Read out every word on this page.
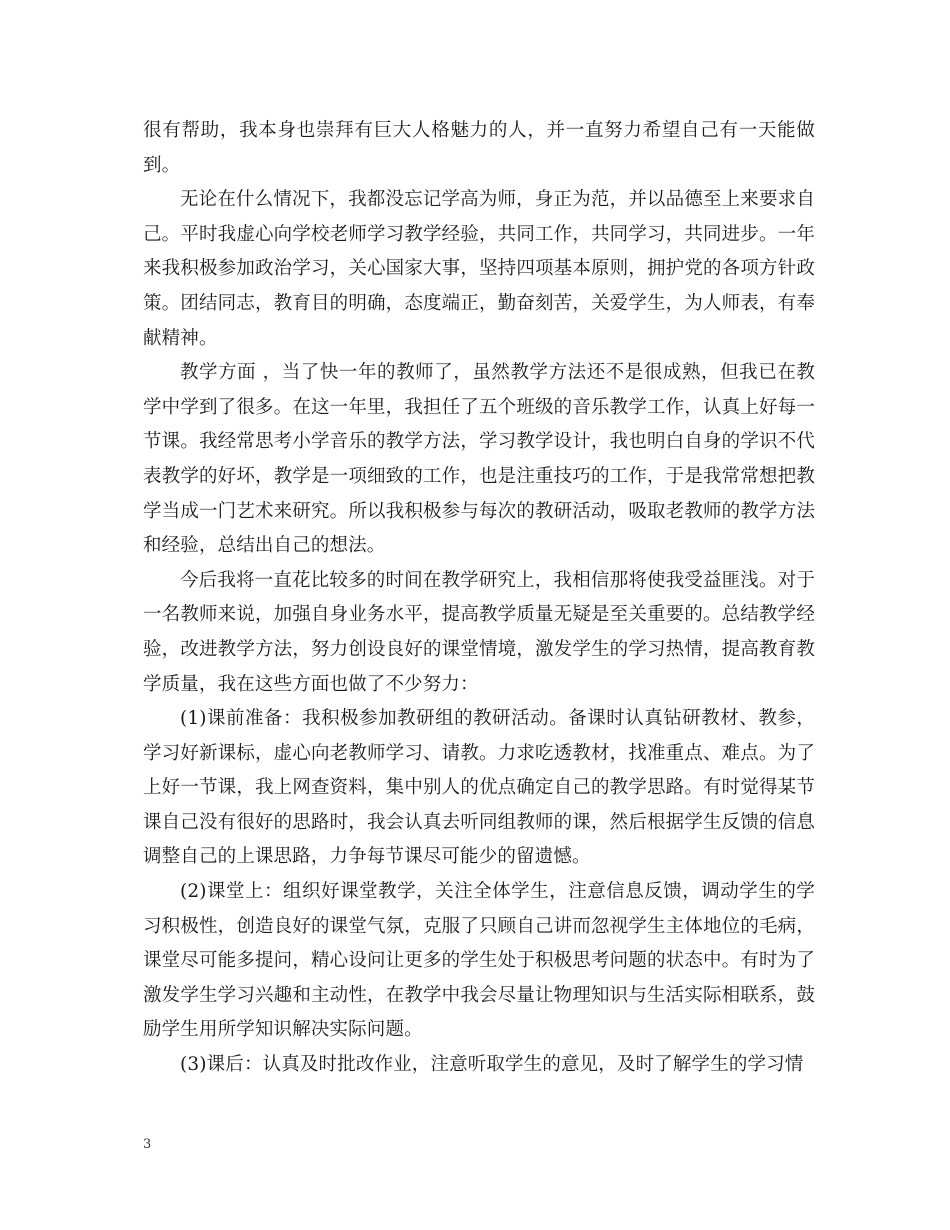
很有帮助，我本身也崇拜有巨大人格魅力的人，并一直努力希望自己有一天能做到。

无论在什么情况下，我都没忘记学高为师，身正为范，并以品德至上来要求自己。平时我虚心向学校老师学习教学经验，共同工作，共同学习，共同进步。一年来我积极参加政治学习，关心国家大事，坚持四项基本原则，拥护党的各项方针政策。团结同志，教育目的明确，态度端正，勤奋刻苦，关爱学生，为人师表，有奉献精神。

教学方面 ，当了快一年的教师了，虽然教学方法还不是很成熟，但我已在教学中学到了很多。在这一年里，我担任了五个班级的音乐教学工作，认真上好每一节课。我经常思考小学音乐的教学方法，学习教学设计，我也明白自身的学识不代表教学的好坏，教学是一项细致的工作，也是注重技巧的工作，于是我常常想把教学当成一门艺术来研究。所以我积极参与每次的教研活动，吸取老教师的教学方法和经验，总结出自己的想法。

今后我将一直花比较多的时间在教学研究上，我相信那将使我受益匪浅。对于一名教师来说，加强自身业务水平，提高教学质量无疑是至关重要的。总结教学经验，改进教学方法，努力创设良好的课堂情境，激发学生的学习热情，提高教育教学质量，我在这些方面也做了不少努力：

(1)课前准备：我积极参加教研组的教研活动。备课时认真钻研教材、教参，学习好新课标，虚心向老教师学习、请教。力求吃透教材，找准重点、难点。为了上好一节课，我上网查资料，集中别人的优点确定自己的教学思路。有时觉得某节课自己没有很好的思路时，我会认真去听同组教师的课，然后根据学生反馈的信息调整自己的上课思路，力争每节课尽可能少的留遗憾。

(2)课堂上：组织好课堂教学，关注全体学生，注意信息反馈，调动学生的学习积极性，创造良好的课堂气氛，克服了只顾自己讲而忽视学生主体地位的毛病，课堂尽可能多提问，精心设问让更多的学生处于积极思考问题的状态中。有时为了激发学生学习兴趣和主动性，在教学中我会尽量让物理知识与生活实际相联系，鼓励学生用所学知识解决实际问题。

(3)课后：认真及时批改作业，注意听取学生的意见，及时了解学生的学习情

3
